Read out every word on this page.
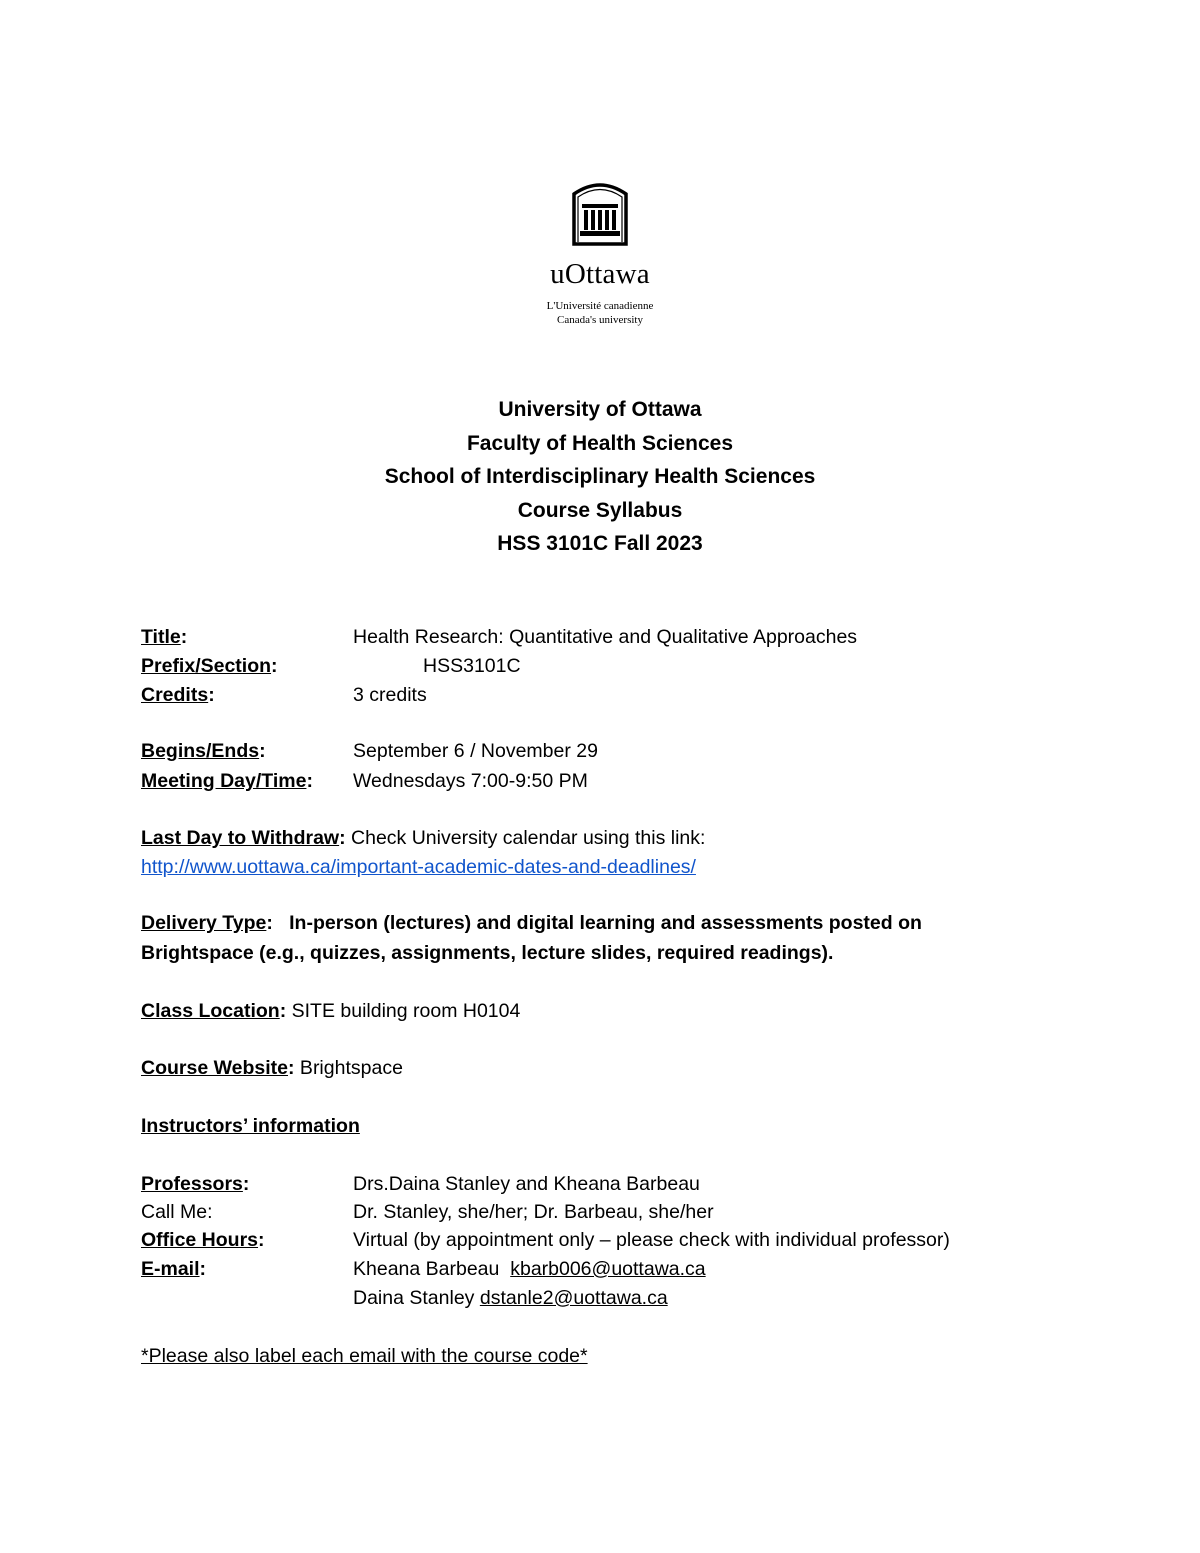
uOttawa
L'Université canadienne
Canada's university
University of Ottawa
Faculty of Health Sciences
School of Interdisciplinary Health Sciences
Course Syllabus
HSS 3101C Fall 2023
Title:	Health Research: Quantitative and Qualitative Approaches
Prefix/Section:	HSS3101C
Credits:	3 credits
Begins/Ends:	September 6 / November 29
Meeting Day/Time: Wednesdays 7:00-9:50 PM
Last Day to Withdraw: Check University calendar using this link:
http://www.uottawa.ca/important-academic-dates-and-deadlines/
Delivery Type:   In-person (lectures) and digital learning and assessments posted on
Brightspace (e.g., quizzes, assignments, lecture slides, required readings).
Class Location: SITE building room H0104
Course Website: Brightspace
Instructors’ information
Professors:	Drs.Daina Stanley and Kheana Barbeau
Call Me:	Dr. Stanley, she/her; Dr. Barbeau, she/her
Office Hours:	Virtual (by appointment only – please check with individual professor)
E-mail:	Kheana Barbeau kbarb006@uottawa.ca
Daina Stanley dstanle2@uottawa.ca
*Please also label each email with the course code*
